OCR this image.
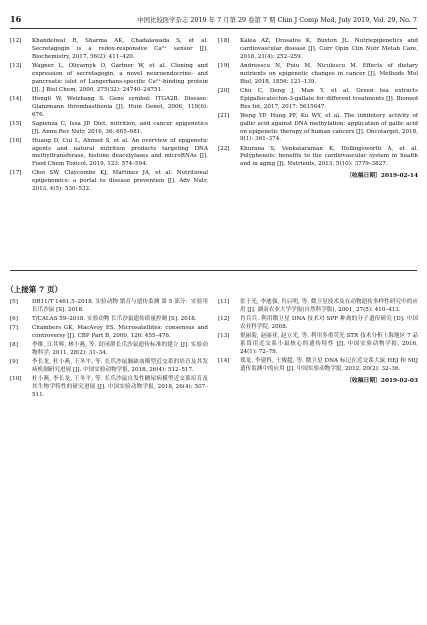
16	中国比较医学杂志 2019 年 7 月第 29 卷第 7 期 Chin J Comp Med, July 2019, Vol. 29, No. 7
[12]	Khandelwal R, Sharma AK, Chadalawada S, et al. Secretagogin is a redox-responsive Ca²⁺ sensor [J]. Biochemistry, 2017, 56(2): 411–420.
[13]	Wagner L, Oliyarnyk O, Gartner W, et al. Cloning and expression of secretagogin, a novel neuroendocrine- and pancreatic islet of Langerhans-specific Ca²⁺-binding protein [J]. J Biol Chem, 2000, 275(32): 24740–24751.
[14]	Hongli W, Weizhang S. Gene symbol: ITGA2B. Disease: Glanzmann thrombasthenia [J]. Hum Genet, 2006, 119(6): 676.
[15]	Sapienza C, Issa JP. Diet, nutrition, and cancer epigenetics [J]. Annu Rev Nutr, 2016, 36: 665–681.
[16]	Huang D, Cui L, Ahmed S, et al. An overview of epigenetic agents and natural nutrition products targeting DNA methyltransferase, histone deacetylases and microRNAs [J]. Food Chem Toxicol, 2019, 123: 574–594.
[17]	Choi SW, Claycombe KJ, Martinez JA, et al. Nutritional epigenomics: a portal to disease prevention [J]. Adv Nutr, 2013, 4(5): 530–532.
[18]	Kalea AZ, Drosatos K, Buxton JL. Nutriepigenetics and cardiovascular disease [J]. Curr Opin Clin Nutr Metab Care, 2018, 21(4): 252–259.
[19]	Andreescu N, Puiu M, Niculescu M. Effects of dietary nutrients on epigenetic changes in cancer [J]. Methods Mol Biol, 2018, 1856: 121–139.
[20]	Chu C, Deng J, Man Y, et al. Green tea extracts Epigallocatechin-3-gallate for different treatments [J]. Biomed Res Int, 2017, 2017: 5615647.
[21]	Weng YP, Hung PF, Ku WY, et al. The inhibitory activity of gallic acid against DNA methylation: application of gallic acid on epigenetic therapy of human cancers [J]. Oncotarget, 2018, 9(1): 361–374.
[22]	Khurana S, Venkataraman K, Hollingsworth A, et al. Polyphenols: benefits to the cardiovascular system in health and in aging [J]. Nutrients, 2013, 5(10): 3779–3827.
〔收稿日期〕2019-02-14
（上接第 7 页）
[5]	DB11/T 1461.5–2018. 实验动物 繁育与遗传监测 第 5 部分：实验用长爪沙鼠 [S]. 2018.
[6]	T/CALAS 59–2018. 实验动物 长爪沙鼠遗传质量控制 [S]. 2018.
[7]	Chambers GK, MacAvoy ES. Microsatellites: consensus and controversy [J]. CBP Part B, 2000, 126: 455–476.
[8]	李维, 江其辉, 林小燕, 等. 封闭群长爪沙鼠遗传标准的建立 [J]. 实验动物科学, 2011, 28(2): 31–34.
[9]	李长龙, 杜小燕, 王冬平, 等. 长爪沙鼠脑缺血模型近交系的培育及其发病机制研究进展 [J]. 中国实验动物学报, 2018, 26(4): 512–517.
[10]	杜小燕, 李长龙, 王冬平, 等. 长爪沙鼠自发性糖尿病模型近交系培育及其生物学特性的研究进展 [J]. 中国实验动物学报, 2018, 26(4): 507–511.
[11]	张于光, 李迪强, 肖启明, 等. 微卫星技术及在动物遗传多样性研究中的应用 [J]. 湖南农业大学学报(自然科学版), 2001, 27(5): 410–413.
[12]	肖兵兵. 利用微卫星 DNA 技术对 SPF 种禽的分子遗传研究 [D]. 中国农业科学院, 2008.
[13]	倪丽菊, 赵丽亚, 赵立光, 等. 利用多重荧光 STR 技术分析上海地区 7 品系常用近交系小鼠核心的遗传特性 [J]. 中国实验动物学报, 2016, 24(1): 72–79.
[14]	郑龙, 李建科, 王俊超, 等. 微卫星 DNA 标记在近交系大鼠 HEJ 和 MIJ 遗传监测中的应用 [J]. 中国实验动物学报, 2012, 20(2): 32–36.
〔收稿日期〕2019-02-03
